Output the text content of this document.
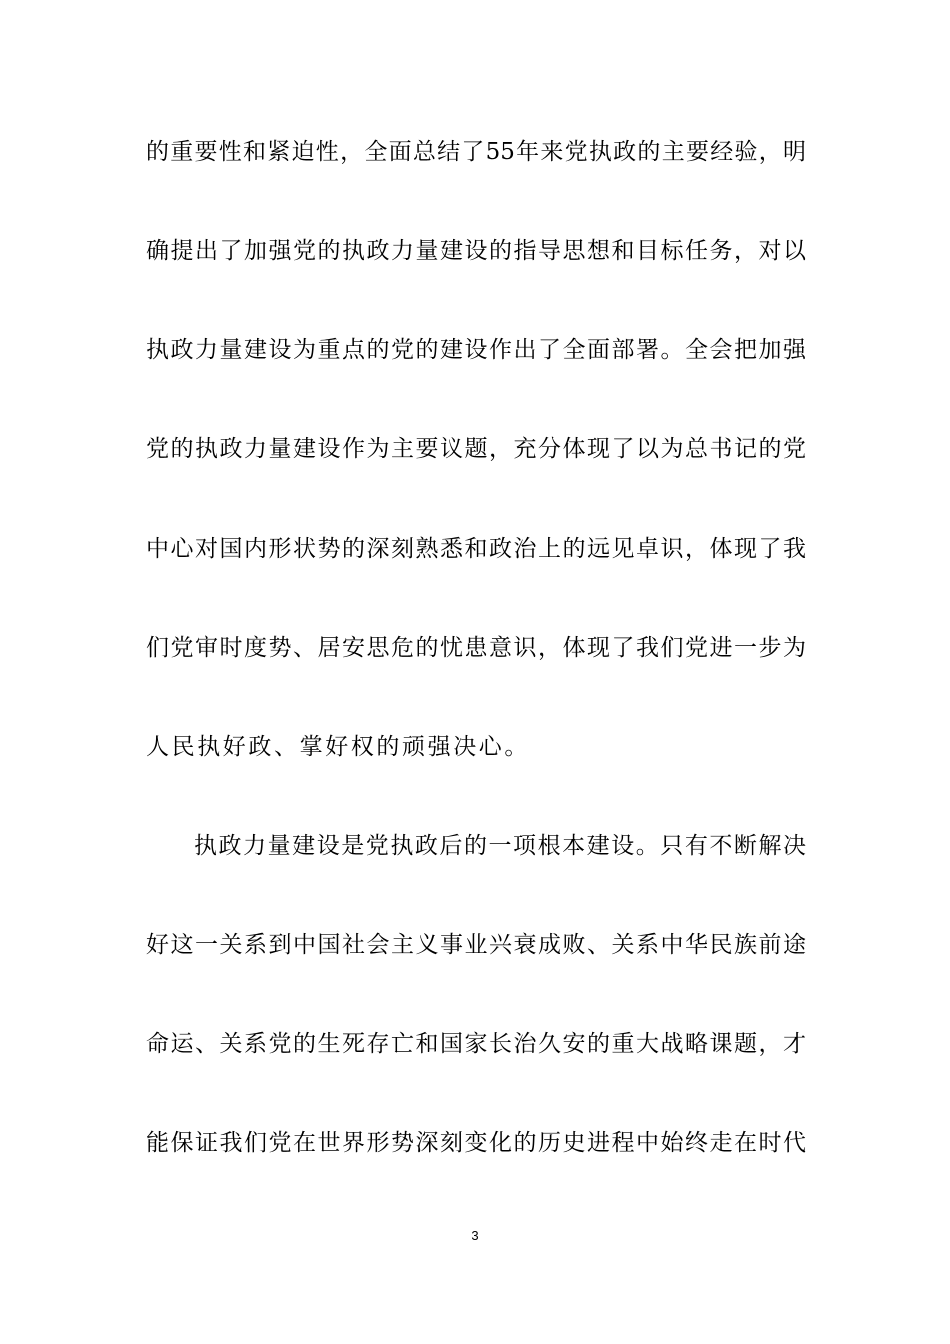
的重要性和紧迫性，全面总结了55年来党执政的主要经验，明
确提出了加强党的执政力量建设的指导思想和目标任务，对以
执政力量建设为重点的党的建设作出了全面部署。全会把加强
党的执政力量建设作为主要议题，充分体现了以为总书记的党
中心对国内形状势的深刻熟悉和政治上的远见卓识，体现了我
们党审时度势、居安思危的忧患意识，体现了我们党进一步为
人民执好政、掌好权的顽强决心。
执政力量建设是党执政后的一项根本建设。只有不断解决
好这一关系到中国社会主义事业兴衰成败、关系中华民族前途
命运、关系党的生死存亡和国家长治久安的重大战略课题，才
能保证我们党在世界形势深刻变化的历史进程中始终走在时代
3
